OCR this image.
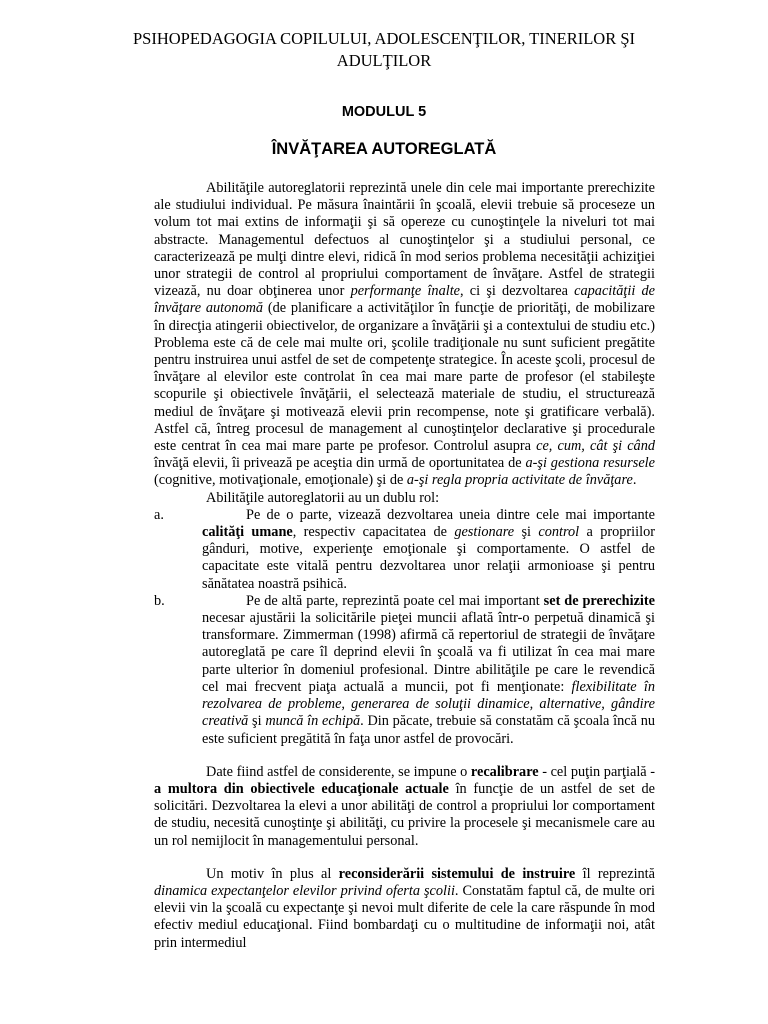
PSIHOPEDAGOGIA COPILULUI, ADOLESCENŢILOR, TINERILOR ŞI
ADULŢILOR
MODULUL 5
ÎNVĂŢAREA AUTOREGLATĂ

Abilităţile autoreglatorii reprezintă unele din cele mai importante prerechizite ale studiului individual. Pe măsura înaintării în şcoală, elevii trebuie să proceseze un volum tot mai extins de informaţii şi să opereze cu cunoştinţele la niveluri tot mai abstracte. Managementul defectuos al cunoştinţelor şi a studiului personal, ce caracterizează pe mulţi dintre elevi, ridică în mod serios problema necesităţii achiziţiei unor strategii de control al propriului comportament de învăţare. Astfel de strategii vizează, nu doar obţinerea unor performanţe înalte, ci şi dezvoltarea capacităţii de învăţare autonomă (de planificare a activităţilor în funcţie de priorităţi, de mobilizare în direcţia atingerii obiectivelor, de organizare a învăţării şi a contextului de studiu etc.) Problema este că de cele mai multe ori, şcolile tradiţionale nu sunt suficient pregătite pentru instruirea unui astfel de set de competenţe strategice. În aceste şcoli, procesul de învăţare al elevilor este controlat în cea mai mare parte de profesor (el stabileşte scopurile şi obiectivele învăţării, el selectează materiale de studiu, el structurează mediul de învăţare şi motivează elevii prin recompense, note şi gratificare verbală). Astfel că, întreg procesul de management al cunoştinţelor declarative şi procedurale este centrat în cea mai mare parte pe profesor. Controlul asupra ce, cum, cât şi când învăţă elevii, îi privează pe aceştia din urmă de oportunitatea de a-şi gestiona resursele (cognitive, motivaţionale, emoţionale) şi de a-şi regla propria activitate de învăţare.

Abilităţile autoreglatorii au un dublu rol:

a.	Pe de o parte, vizează dezvoltarea uneia dintre cele mai importante calităţi umane, respectiv capacitatea de gestionare şi control a propriilor gânduri, motive, experienţe emoţionale şi comportamente. O astfel de capacitate este vitală pentru dezvoltarea unor relaţii armonioase şi pentru sănătatea noastră psihică.

b.	Pe de altă parte, reprezintă poate cel mai important set de prerechizite necesar ajustării la solicitările pieţei muncii aflată într-o perpetuă dinamică şi transformare. Zimmerman (1998) afirmă că repertoriul de strategii de învăţare autoreglată pe care îl deprind elevii în şcoală va fi utilizat în cea mai mare parte ulterior în domeniul profesional. Dintre abilităţile pe care le revendică cel mai frecvent piaţa actuală a muncii, pot fi menţionate: flexibilitate în rezolvarea de probleme, generarea de soluţii dinamice, alternative, gândire creativă şi muncă în echipă. Din păcate, trebuie să constatăm că şcoala încă nu este suficient pregătită în faţa unor astfel de provocări.

Date fiind astfel de considerente, se impune o recalibrare - cel puţin parţială - a multora din obiectivele educaţionale actuale în funcţie de un astfel de set de solicitări. Dezvoltarea la elevi a unor abilităţi de control a propriului lor comportament de studiu, necesită cunoştinţe şi abilităţi, cu privire la procesele şi mecanismele care au un rol nemijlocit în managementului personal.

Un motiv în plus al reconsiderării sistemului de instruire îl reprezintă dinamica expectanţelor elevilor privind oferta şcolii. Constatăm faptul că, de multe ori elevii vin la şcoală cu expectanţe şi nevoi mult diferite de cele la care răspunde în mod efectiv mediul educaţional. Fiind bombardaţi cu o multitudine de informaţii noi, atât prin intermediul
